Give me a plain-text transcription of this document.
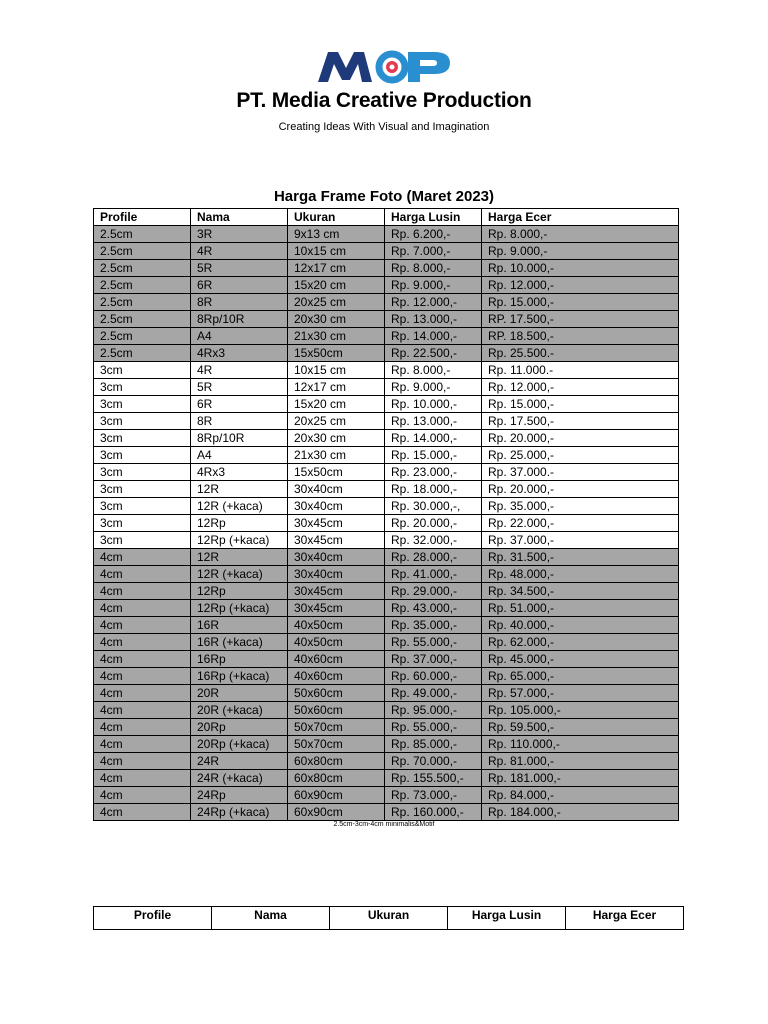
PT. Media Creative Production
Creating Ideas With Visual and Imagination
Harga Frame Foto (Maret 2023)
Profile	Nama	Ukuran	Harga Lusin	Harga Ecer
2.5cm	3R	9x13 cm	Rp. 6.200,-	Rp. 8.000,-
2.5cm	4R	10x15 cm	Rp. 7.000,-	Rp. 9.000,-
2.5cm	5R	12x17 cm	Rp. 8.000,-	Rp. 10.000,-
2.5cm	6R	15x20 cm	Rp. 9.000,-	Rp. 12.000,-
2.5cm	8R	20x25 cm	Rp. 12.000,-	Rp. 15.000,-
2.5cm	8Rp/10R	20x30 cm	Rp. 13.000,-	RP. 17.500,-
2.5cm	A4	21x30 cm	Rp. 14.000,-	RP. 18.500,-
2.5cm	4Rx3	15x50cm	Rp. 22.500,-	Rp. 25.500.-
3cm	4R	10x15 cm	Rp. 8.000,-	Rp. 11.000.-
3cm	5R	12x17 cm	Rp. 9.000,-	Rp. 12.000,-
3cm	6R	15x20 cm	Rp. 10.000,-	Rp. 15.000,-
3cm	8R	20x25 cm	Rp. 13.000,-	Rp. 17.500,-
3cm	8Rp/10R	20x30 cm	Rp. 14.000,-	Rp. 20.000,-
3cm	A4	21x30 cm	Rp. 15.000,-	Rp. 25.000,-
3cm	4Rx3	15x50cm	Rp. 23.000,-	Rp. 37.000.-
3cm	12R	30x40cm	Rp. 18.000,-	Rp. 20.000,-
3cm	12R (+kaca)	30x40cm	Rp. 30.000,-,	Rp. 35.000,-
3cm	12Rp	30x45cm	Rp. 20.000,-	Rp. 22.000,-
3cm	12Rp (+kaca)	30x45cm	Rp. 32.000,-	Rp. 37.000,-
4cm	12R	30x40cm	Rp. 28.000,-	Rp. 31.500,-
4cm	12R (+kaca)	30x40cm	Rp. 41.000,-	Rp. 48.000,-
4cm	12Rp	30x45cm	Rp. 29.000,-	Rp. 34.500,-
4cm	12Rp (+kaca)	30x45cm	Rp. 43.000,-	Rp. 51.000,-
4cm	16R	40x50cm	Rp. 35.000,-	Rp. 40.000,-
4cm	16R (+kaca)	40x50cm	Rp. 55.000,-	Rp. 62.000,-
4cm	16Rp	40x60cm	Rp. 37.000,-	Rp. 45.000,-
4cm	16Rp (+kaca)	40x60cm	Rp. 60.000,-	Rp. 65.000,-
4cm	20R	50x60cm	Rp. 49.000,-	Rp. 57.000,-
4cm	20R (+kaca)	50x60cm	Rp. 95.000,-	Rp. 105.000,-
4cm	20Rp	50x70cm	Rp. 55.000,-	Rp. 59.500,-
4cm	20Rp (+kaca)	50x70cm	Rp. 85.000,-	Rp. 110.000,-
4cm	24R	60x80cm	Rp. 70.000,-	Rp. 81.000,-
4cm	24R (+kaca)	60x80cm	Rp. 155.500,-	Rp. 181.000,-
4cm	24Rp	60x90cm	Rp. 73.000,-	Rp. 84.000,-
4cm	24Rp (+kaca)	60x90cm	Rp. 160.000,-	Rp. 184.000,-
2.5cm-3cm-4cm minimalis&Motif
Profile	Nama	Ukuran	Harga Lusin	Harga Ecer
